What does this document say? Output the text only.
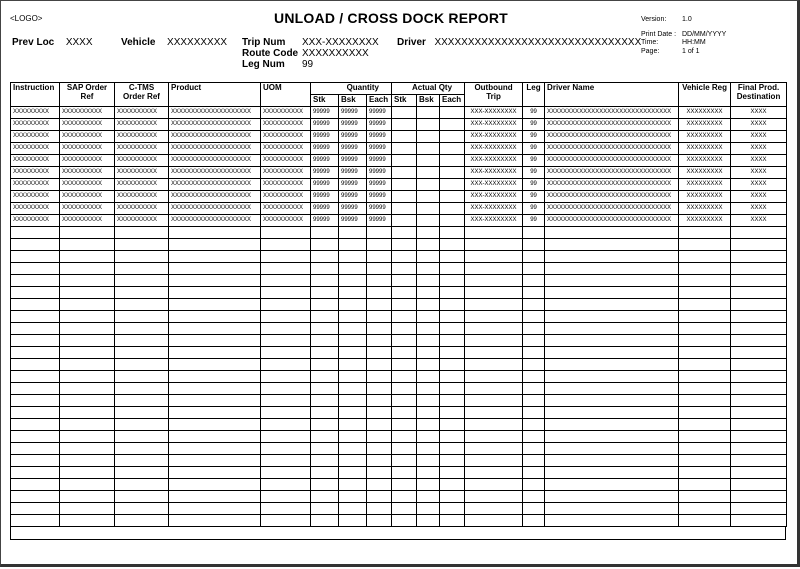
<LOGO>	UNLOAD / CROSS DOCK REPORT	Version: 1.0
Print Date : DD/MM/YYYY
Time:	HH:MM
Page:	1 of 1
Prev Loc XXXX	Vehicle XXXXXXXXX Trip Num XXX-XXXXXXXX
Route Code XXXXXXXXXX
Leg Num 99
Driver XXXXXXXXXXXXXXXXXXXXXXXXXXXXXXX
Instruction	SAP Order Ref	C-TMS Order Ref	Product	UOM	Quantity			Actual Qty			Outbound Trip	Leg	Driver Name	Vehicle Reg	Final Prod. Destination
					Stk	Bsk	Each	Stk	Bsk	Each					
XXXXXXXXX	XXXXXXXXXX	XXXXXXXXXX	XXXXXXXXXXXXXXXXXXXX	XXXXXXXXXX	99999	99999	99999				XXX-XXXXXXXX	99	XXXXXXXXXXXXXXXXXXXXXXXXXXXXXXX	XXXXXXXXX	XXXX
XXXXXXXXX	XXXXXXXXXX	XXXXXXXXXX	XXXXXXXXXXXXXXXXXXXX	XXXXXXXXXX	99999	99999	99999				XXX-XXXXXXXX	99	XXXXXXXXXXXXXXXXXXXXXXXXXXXXXXX	XXXXXXXXX	XXXX
XXXXXXXXX	XXXXXXXXXX	XXXXXXXXXX	XXXXXXXXXXXXXXXXXXXX	XXXXXXXXXX	99999	99999	99999				XXX-XXXXXXXX	99	XXXXXXXXXXXXXXXXXXXXXXXXXXXXXXX	XXXXXXXXX	XXXX
XXXXXXXXX	XXXXXXXXXX	XXXXXXXXXX	XXXXXXXXXXXXXXXXXXXX	XXXXXXXXXX	99999	99999	99999				XXX-XXXXXXXX	99	XXXXXXXXXXXXXXXXXXXXXXXXXXXXXXX	XXXXXXXXX	XXXX
XXXXXXXXX	XXXXXXXXXX	XXXXXXXXXX	XXXXXXXXXXXXXXXXXXXX	XXXXXXXXXX	99999	99999	99999				XXX-XXXXXXXX	99	XXXXXXXXXXXXXXXXXXXXXXXXXXXXXXX	XXXXXXXXX	XXXX
XXXXXXXXX	XXXXXXXXXX	XXXXXXXXXX	XXXXXXXXXXXXXXXXXXXX	XXXXXXXXXX	99999	99999	99999				XXX-XXXXXXXX	99	XXXXXXXXXXXXXXXXXXXXXXXXXXXXXXX	XXXXXXXXX	XXXX
XXXXXXXXX	XXXXXXXXXX	XXXXXXXXXX	XXXXXXXXXXXXXXXXXXXX	XXXXXXXXXX	99999	99999	99999				XXX-XXXXXXXX	99	XXXXXXXXXXXXXXXXXXXXXXXXXXXXXXX	XXXXXXXXX	XXXX
XXXXXXXXX	XXXXXXXXXX	XXXXXXXXXX	XXXXXXXXXXXXXXXXXXXX	XXXXXXXXXX	99999	99999	99999				XXX-XXXXXXXX	99	XXXXXXXXXXXXXXXXXXXXXXXXXXXXXXX	XXXXXXXXX	XXXX
XXXXXXXXX	XXXXXXXXXX	XXXXXXXXXX	XXXXXXXXXXXXXXXXXXXX	XXXXXXXXXX	99999	99999	99999				XXX-XXXXXXXX	99	XXXXXXXXXXXXXXXXXXXXXXXXXXXXXXX	XXXXXXXXX	XXXX
XXXXXXXXX	XXXXXXXXXX	XXXXXXXXXX	XXXXXXXXXXXXXXXXXXXX	XXXXXXXXXX	99999	99999	99999				XXX-XXXXXXXX	99	XXXXXXXXXXXXXXXXXXXXXXXXXXXXXXX	XXXXXXXXX	XXXX
